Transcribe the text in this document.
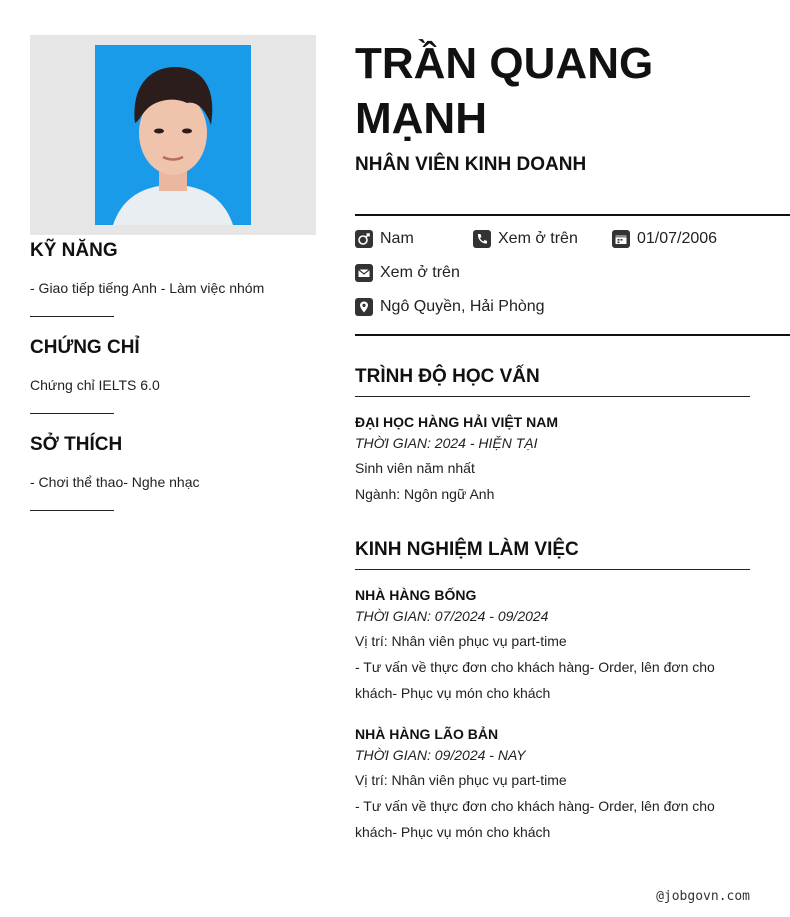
KỸ NĂNG
- Giao tiếp tiếng Anh - Làm việc nhóm
CHỨNG CHỈ
Chứng chỉ IELTS 6.0
SỞ THÍCH
- Chơi thể thao- Nghe nhạc
TRẦN QUANG MẠNH
NHÂN VIÊN KINH DOANH
Nam	Xem ở trên	01/07/2006
Xem ở trên
Ngô Quyền, Hải Phòng
TRÌNH ĐỘ HỌC VẤN
ĐẠI HỌC HÀNG HẢI VIỆT NAM
THỜI GIAN: 2024 - HIỆN TẠI
Sinh viên năm nhất
Ngành: Ngôn ngữ Anh
KINH NGHIỆM LÀM VIỆC
NHÀ HÀNG BỐNG
THỜI GIAN: 07/2024 - 09/2024
Vị trí: Nhân viên phục vụ part-time
- Tư vấn về thực đơn cho khách hàng- Order, lên đơn cho khách- Phục vụ món cho khách
NHÀ HÀNG LÃO BẢN
THỜI GIAN: 09/2024 - NAY
Vị trí: Nhân viên phục vụ part-time
- Tư vấn về thực đơn cho khách hàng- Order, lên đơn cho khách- Phục vụ món cho khách
@jobgovn.com
